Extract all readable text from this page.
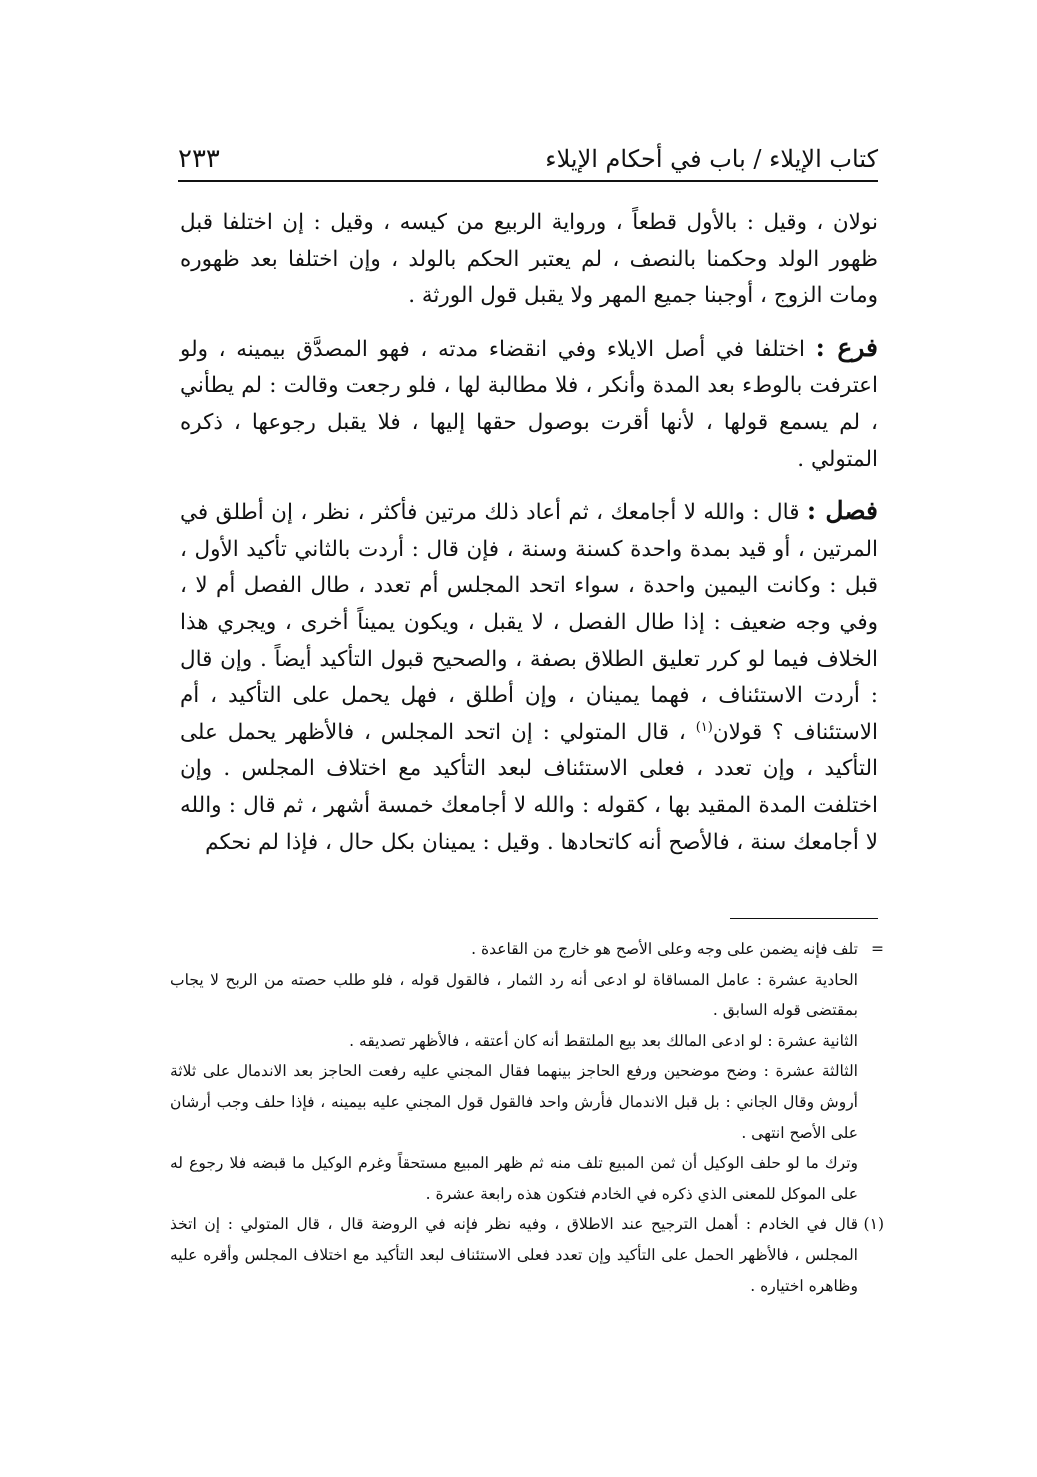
كتاب الإيلاء / باب في أحكام الإيلاء
٢٣٣

نولان ، وقيل : بالأول قطعاً ، ورواية الربيع من كيسه ، وقيل : إن اختلفا قبل ظهور الولد وحكمنا بالنصف ، لم يعتبر الحكم بالولد ، وإن اختلفا بعد ظهوره ومات الزوج ، أوجبنا جميع المهر ولا يقبل قول الورثة .

فرع : اختلفا في أصل الايلاء وفي انقضاء مدته ، فهو المصدَّق بيمينه ، ولو اعترفت بالوطء بعد المدة وأنكر ، فلا مطالبة لها ، فلو رجعت وقالت : لم يطأني ، لم يسمع قولها ، لأنها أقرت بوصول حقها إليها ، فلا يقبل رجوعها ، ذكره المتولي .

فصل : قال : والله لا أجامعك ، ثم أعاد ذلك مرتين فأكثر ، نظر ، إن أطلق في المرتين ، أو قيد بمدة واحدة كسنة وسنة ، فإن قال : أردت بالثاني تأكيد الأول ، قبل : وكانت اليمين واحدة ، سواء اتحد المجلس أم تعدد ، طال الفصل أم لا ، وفي وجه ضعيف : إذا طال الفصل ، لا يقبل ، ويكون يميناً أخرى ، ويجري هذا الخلاف فيما لو كرر تعليق الطلاق بصفة ، والصحيح قبول التأكيد أيضاً . وإن قال : أردت الاستئناف ، فهما يمينان ، وإن أطلق ، فهل يحمل على التأكيد ، أم الاستئناف ؟ قولان$^{(١)}$ ، قال المتولي : إن اتحد المجلس ، فالأظهر يحمل على التأكيد ، وإن تعدد ، فعلى الاستئناف لبعد التأكيد مع اختلاف المجلس . وإن اختلفت المدة المقيد بها ، كقوله : والله لا أجامعك خمسة أشهر ، ثم قال : والله لا أجامعك سنة ، فالأصح أنه كاتحادها . وقيل : يمينان بكل حال ، فإذا لم نحكم

=
تلف فإنه يضمن على وجه وعلى الأصح هو خارج من القاعدة .

الحادية عشرة : عامل المساقاة لو ادعى أنه رد الثمار ، فالقول قوله ، فلو طلب حصته من الربح لا يجاب بمقتضى قوله السابق .

الثانية عشرة : لو ادعى المالك بعد بيع الملتقط أنه كان أعتقه ، فالأظهر تصديقه .

الثالثة عشرة : وضح موضحين ورفع الحاجز بينهما فقال المجني عليه رفعت الحاجز بعد الاندمال على ثلاثة أروش وقال الجاني : بل قبل الاندمال فأرش واحد فالقول قول المجني عليه بيمينه ، فإذا حلف وجب أرشان على الأصح انتهى .

وترك ما لو حلف الوكيل أن ثمن المبيع تلف منه ثم ظهر المبيع مستحقاً وغرم الوكيل ما قبضه فلا رجوع له على الموكل للمعنى الذي ذكره في الخادم فتكون هذه رابعة عشرة .

(١)
قال في الخادم : أهمل الترجيح عند الاطلاق ، وفيه نظر فإنه في الروضة قال ، قال المتولي : إن اتخذ المجلس ، فالأظهر الحمل على التأكيد وإن تعدد فعلى الاستئناف لبعد التأكيد مع اختلاف المجلس وأقره عليه وظاهره اختياره .
